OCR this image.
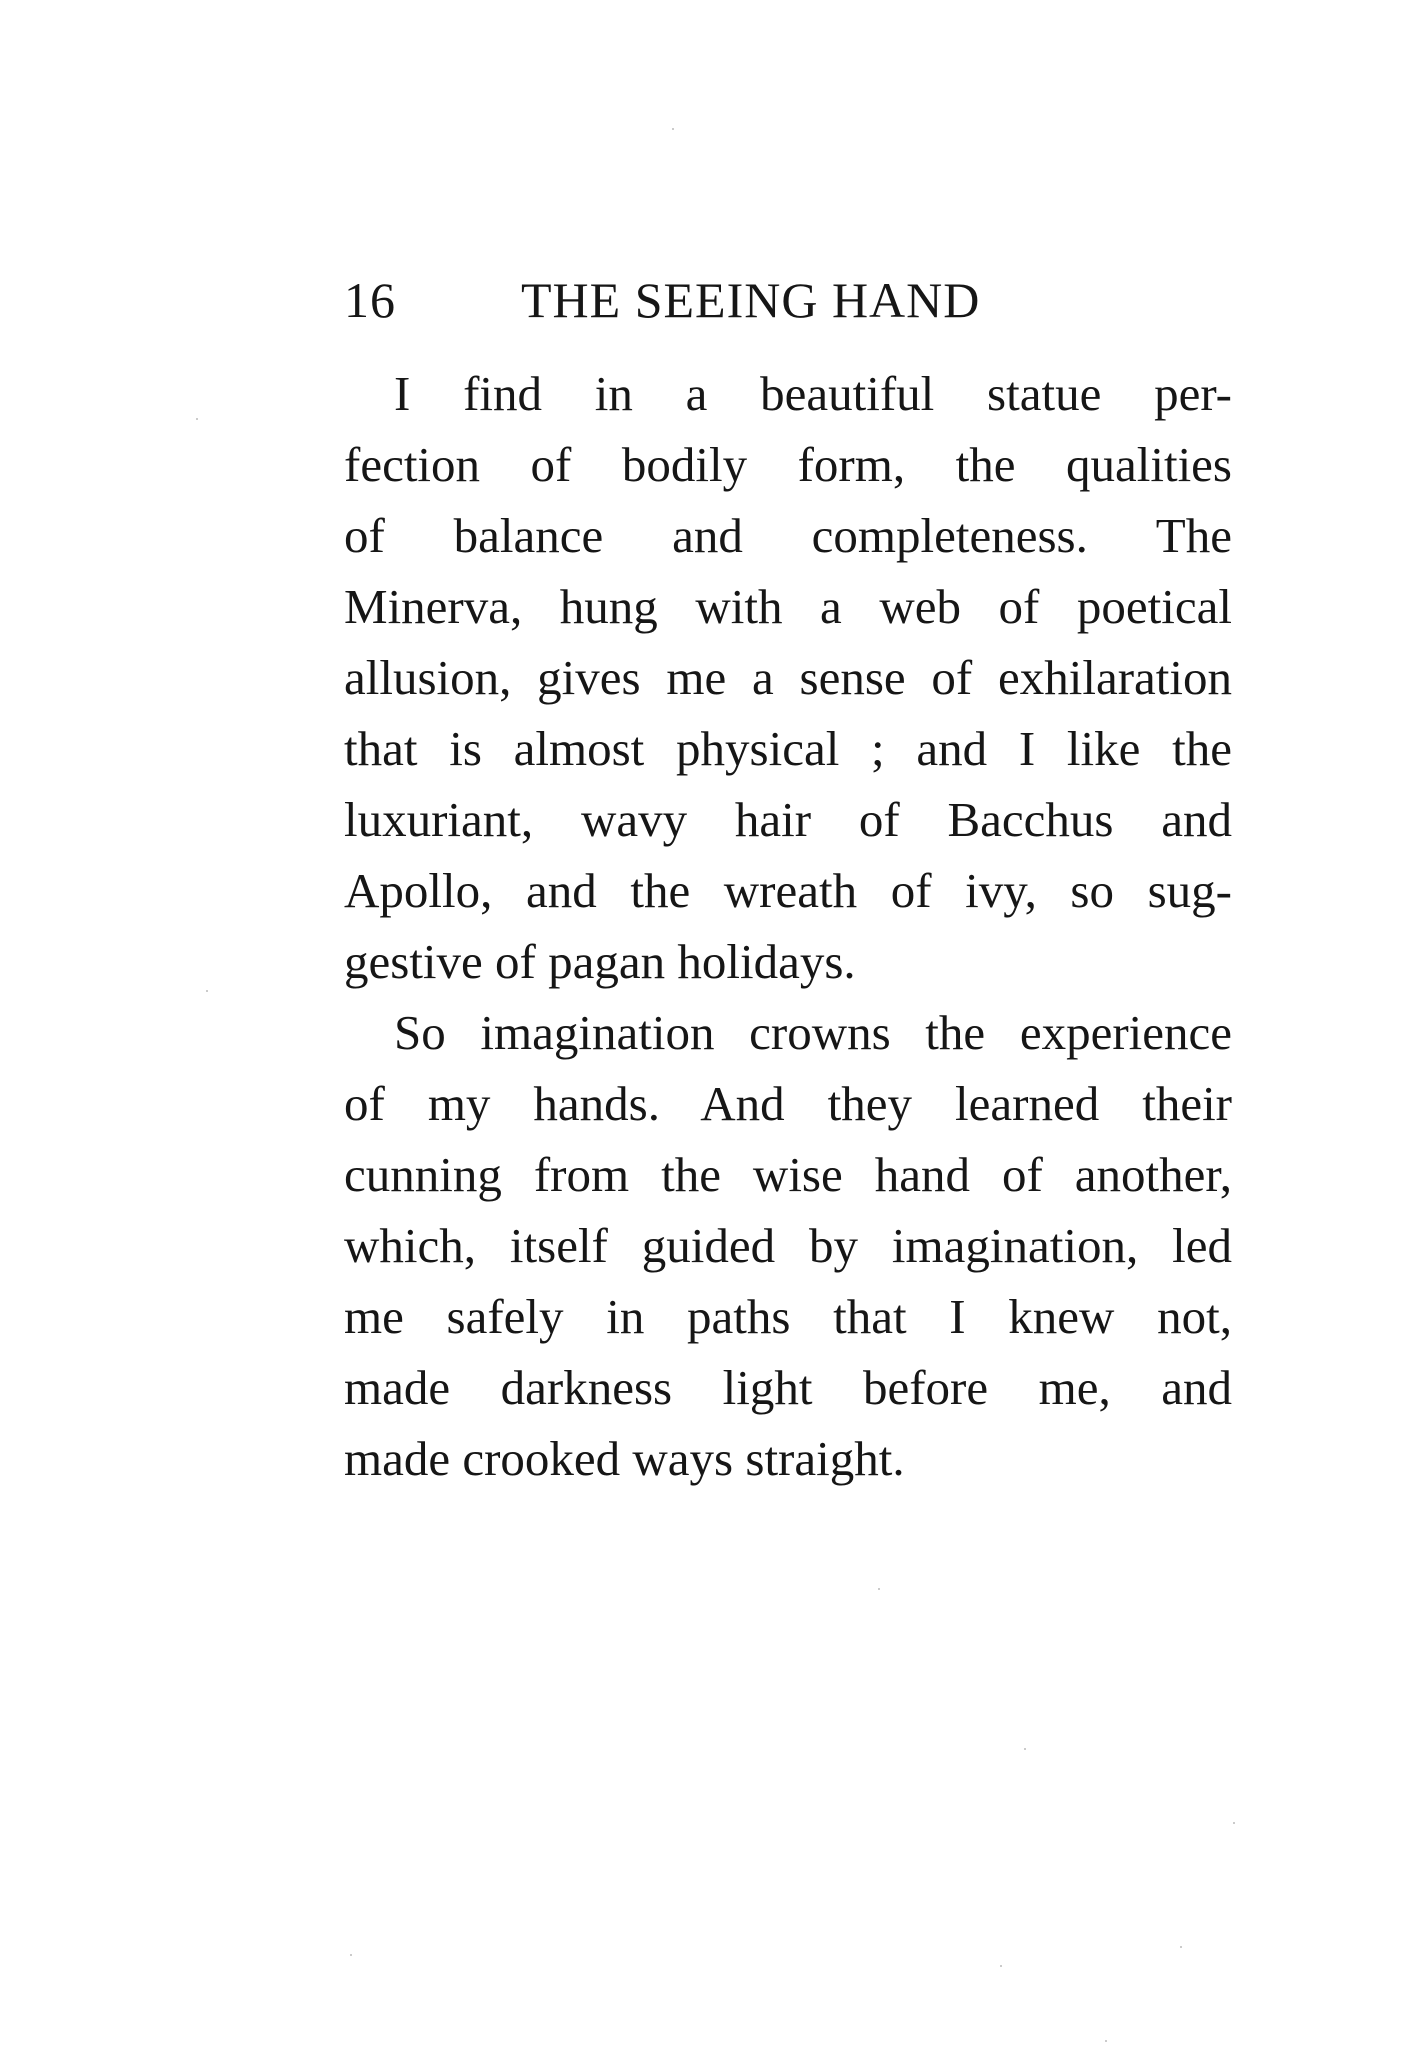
16	THE SEEING HAND
I find in a beautiful statue per-
fection of bodily form, the qualities
of balance and completeness. The
Minerva, hung with a web of poetical
allusion, gives me a sense of exhilaration
that is almost physical ; and I like the
luxuriant, wavy hair of Bacchus and
Apollo, and the wreath of ivy, so sug-
gestive of pagan holidays.
So imagination crowns the experience
of my hands. And they learned their
cunning from the wise hand of another,
which, itself guided by imagination, led
me safely in paths that I knew not,
made darkness light before me, and
made crooked ways straight.
